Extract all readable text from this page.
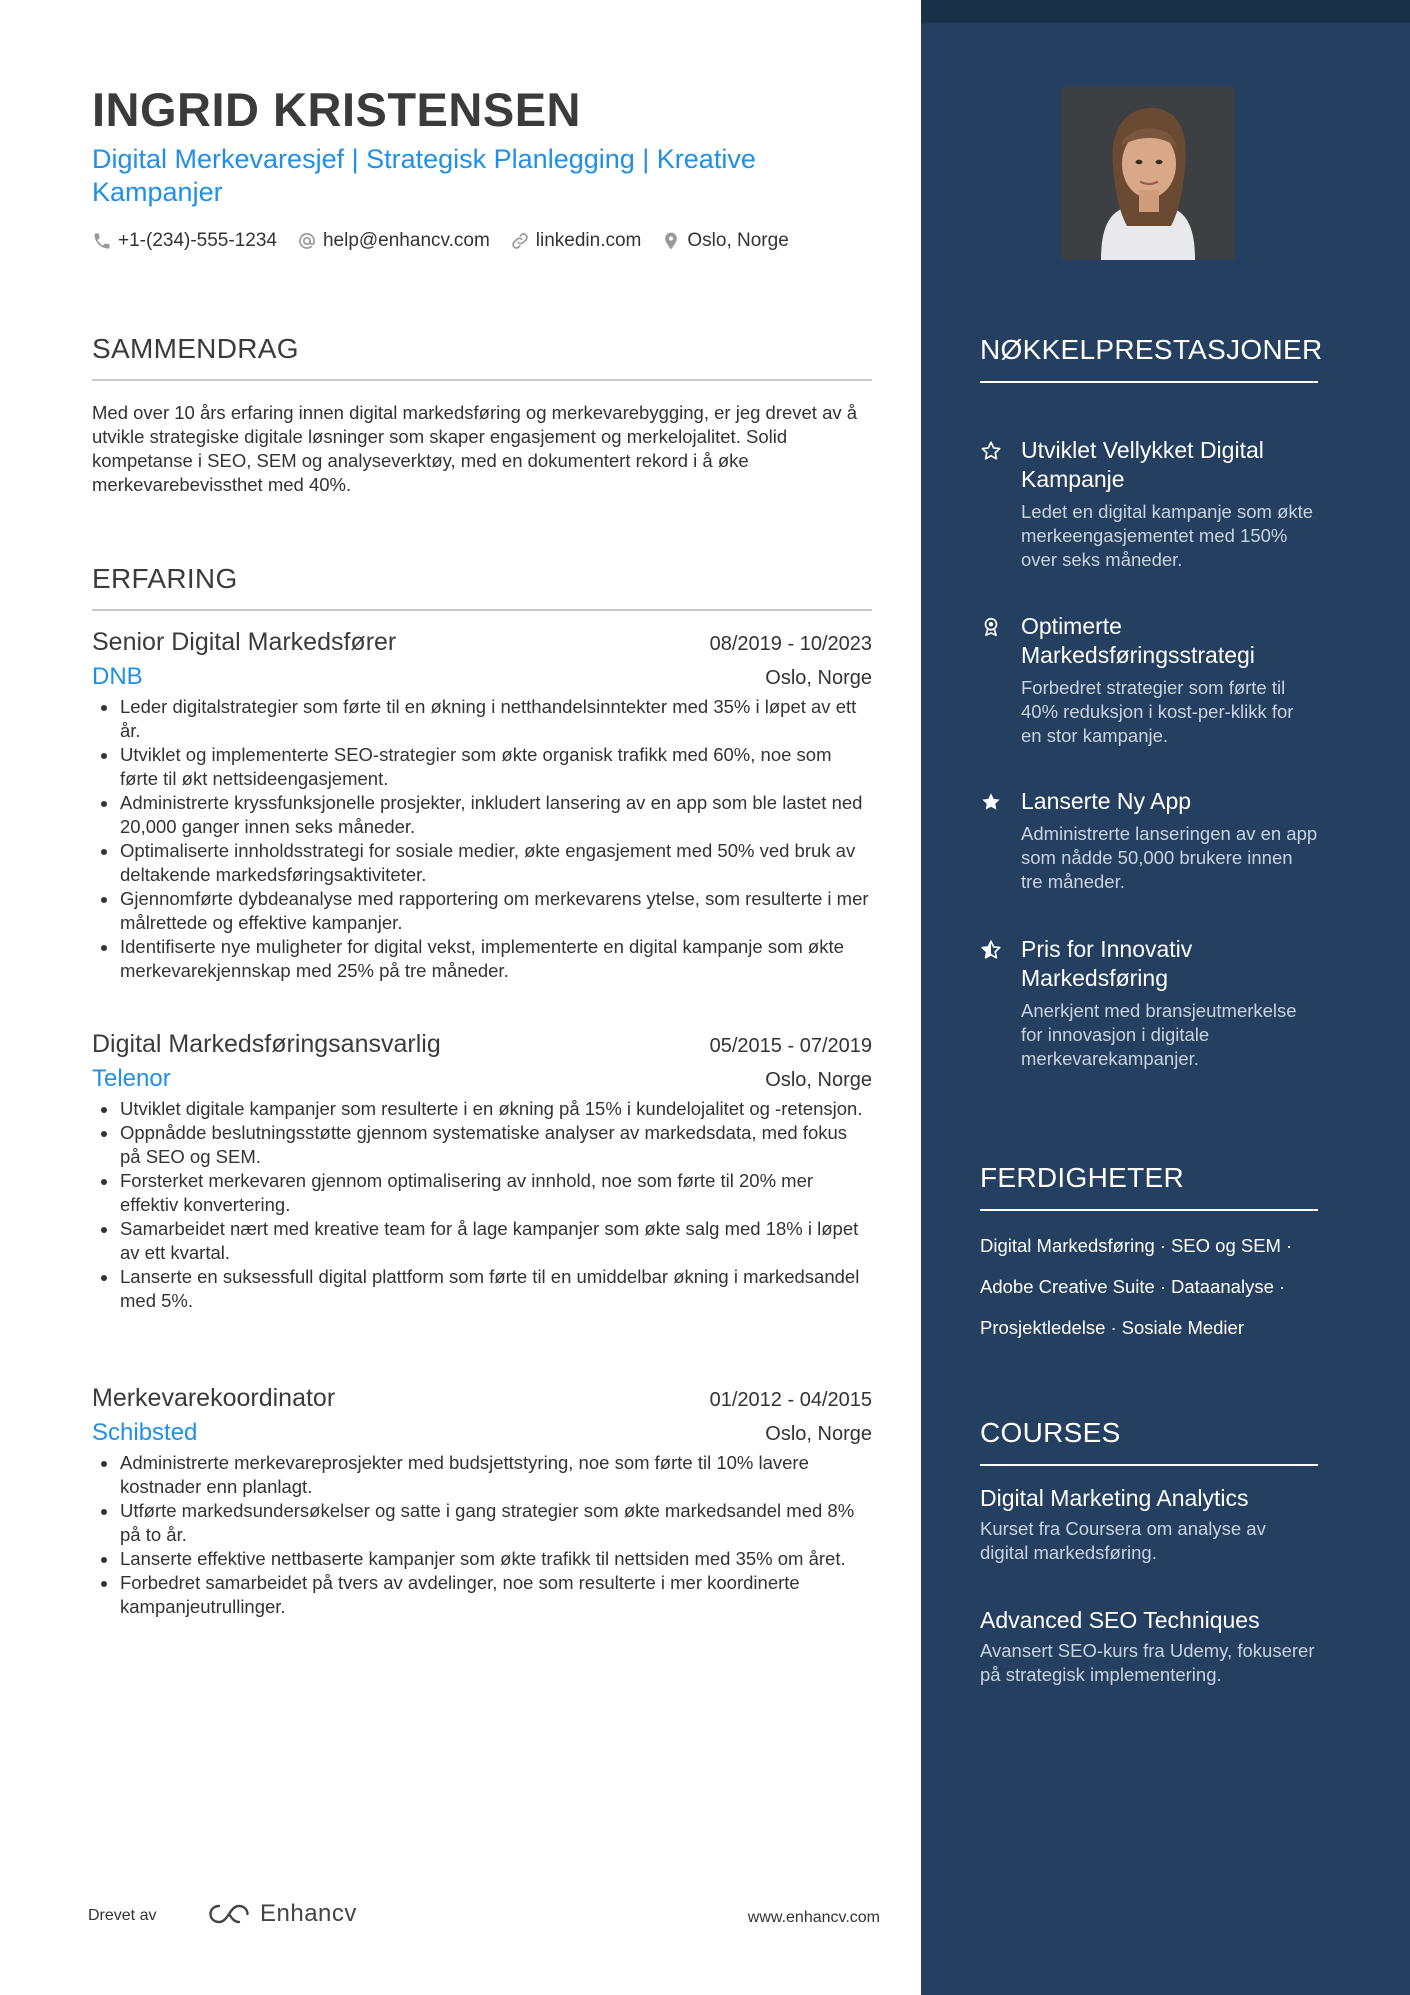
INGRID KRISTENSEN
Digital Merkevaresjef | Strategisk Planlegging | Kreative Kampanjer
+1-(234)-555-1234 help@enhancv.com linkedin.com Oslo, Norge
SAMMENDRAG
Med over 10 års erfaring innen digital markedsføring og merkevarebygging, er jeg drevet av å utvikle strategiske digitale løsninger som skaper engasjement og merkelojalitet. Solid kompetanse i SEO, SEM og analyseverktøy, med en dokumentert rekord i å øke merkevarebevissthet med 40%.
ERFARING
Senior Digital Markedsfører	08/2019 - 10/2023
DNB	Oslo, Norge
Leder digitalstrategier som førte til en økning i netthandelsinntekter med 35% i løpet av ett år.
Utviklet og implementerte SEO-strategier som økte organisk trafikk med 60%, noe som førte til økt nettsideengasjement.
Administrerte kryssfunksjonelle prosjekter, inkludert lansering av en app som ble lastet ned 20,000 ganger innen seks måneder.
Optimaliserte innholdsstrategi for sosiale medier, økte engasjement med 50% ved bruk av deltakende markedsføringsaktiviteter.
Gjennomførte dybdeanalyse med rapportering om merkevarens ytelse, som resulterte i mer målrettede og effektive kampanjer.
Identifiserte nye muligheter for digital vekst, implementerte en digital kampanje som økte merkevarekjennskap med 25% på tre måneder.
Digital Markedsføringsansvarlig	05/2015 - 07/2019
Telenor	Oslo, Norge
Utviklet digitale kampanjer som resulterte i en økning på 15% i kundelojalitet og -retensjon.
Oppnådde beslutningsstøtte gjennom systematiske analyser av markedsdata, med fokus på SEO og SEM.
Forsterket merkevaren gjennom optimalisering av innhold, noe som førte til 20% mer effektiv konvertering.
Samarbeidet nært med kreative team for å lage kampanjer som økte salg med 18% i løpet av ett kvartal.
Lanserte en suksessfull digital plattform som førte til en umiddelbar økning i markedsandel med 5%.
Merkevarekoordinator	01/2012 - 04/2015
Schibsted	Oslo, Norge
Administrerte merkevareprosjekter med budsjettstyring, noe som førte til 10% lavere kostnader enn planlagt.
Utførte markedsundersøkelser og satte i gang strategier som økte markedsandel med 8% på to år.
Lanserte effektive nettbaserte kampanjer som økte trafikk til nettsiden med 35% om året.
Forbedret samarbeidet på tvers av avdelinger, noe som resulterte i mer koordinerte kampanjeutrullinger.
Drevet av	Enhancv	www.enhancv.com
NØKKELPRESTASJONER
Utviklet Vellykket Digital Kampanje
Ledet en digital kampanje som økte merkeengasjementet med 150% over seks måneder.
Optimerte Markedsføringsstrategi
Forbedret strategier som førte til 40% reduksjon i kost-per-klikk for en stor kampanje.
Lanserte Ny App
Administrerte lanseringen av en app som nådde 50,000 brukere innen tre måneder.
Pris for Innovativ Markedsføring
Anerkjent med bransjeutmerkelse for innovasjon i digitale merkevarekampanjer.
FERDIGHETER
Digital Markedsføring · SEO og SEM ·
Adobe Creative Suite · Dataanalyse ·
Prosjektledelse · Sosiale Medier
COURSES
Digital Marketing Analytics
Kurset fra Coursera om analyse av digital markedsføring.
Advanced SEO Techniques
Avansert SEO-kurs fra Udemy, fokuserer på strategisk implementering.
